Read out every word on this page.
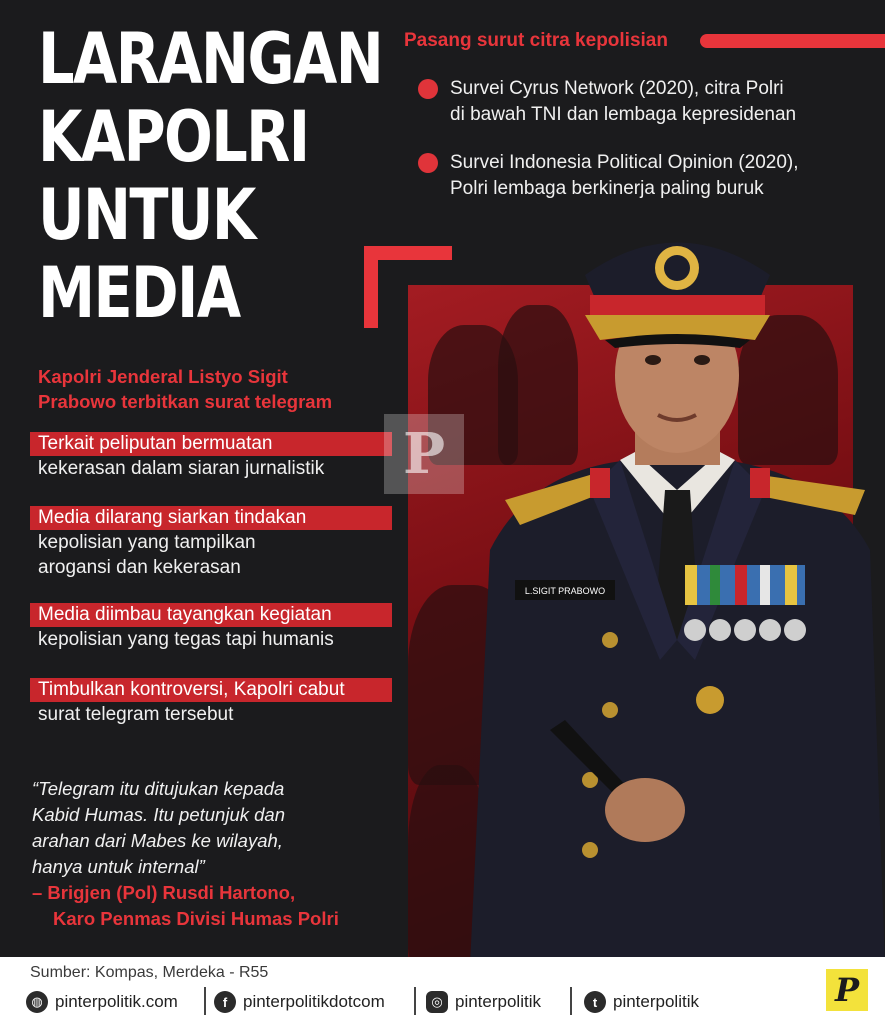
LARANGAN
KAPOLRI
UNTUK
MEDIA
Pasang surut citra kepolisian
Survei Cyrus Network (2020), citra Polri
di bawah TNI dan lembaga kepresidenan
Survei Indonesia Political Opinion (2020),
Polri lembaga berkinerja paling buruk
L.SIGIT PRABOWO
Kapolri Jenderal Listyo Sigit
Prabowo terbitkan surat telegram
Terkait peliputan bermuatan
kekerasan dalam siaran jurnalistik
Media dilarang siarkan tindakan
kepolisian yang tampilkan
arogansi dan kekerasan
Media diimbau tayangkan kegiatan
kepolisian yang tegas tapi humanis
Timbulkan kontroversi, Kapolri cabut
surat telegram tersebut
P
“Telegram itu ditujukan kepada
Kabid Humas. Itu petunjuk dan
arahan dari Mabes ke wilayah,
hanya untuk internal”
– Brigjen (Pol) Rusdi Hartono,
Karo Penmas Divisi Humas Polri
Sumber: Kompas, Merdeka - R55
◍ pinterpolitik.com	f pinterpolitikdotcom	◎ pinterpolitik	t pinterpolitik	P
